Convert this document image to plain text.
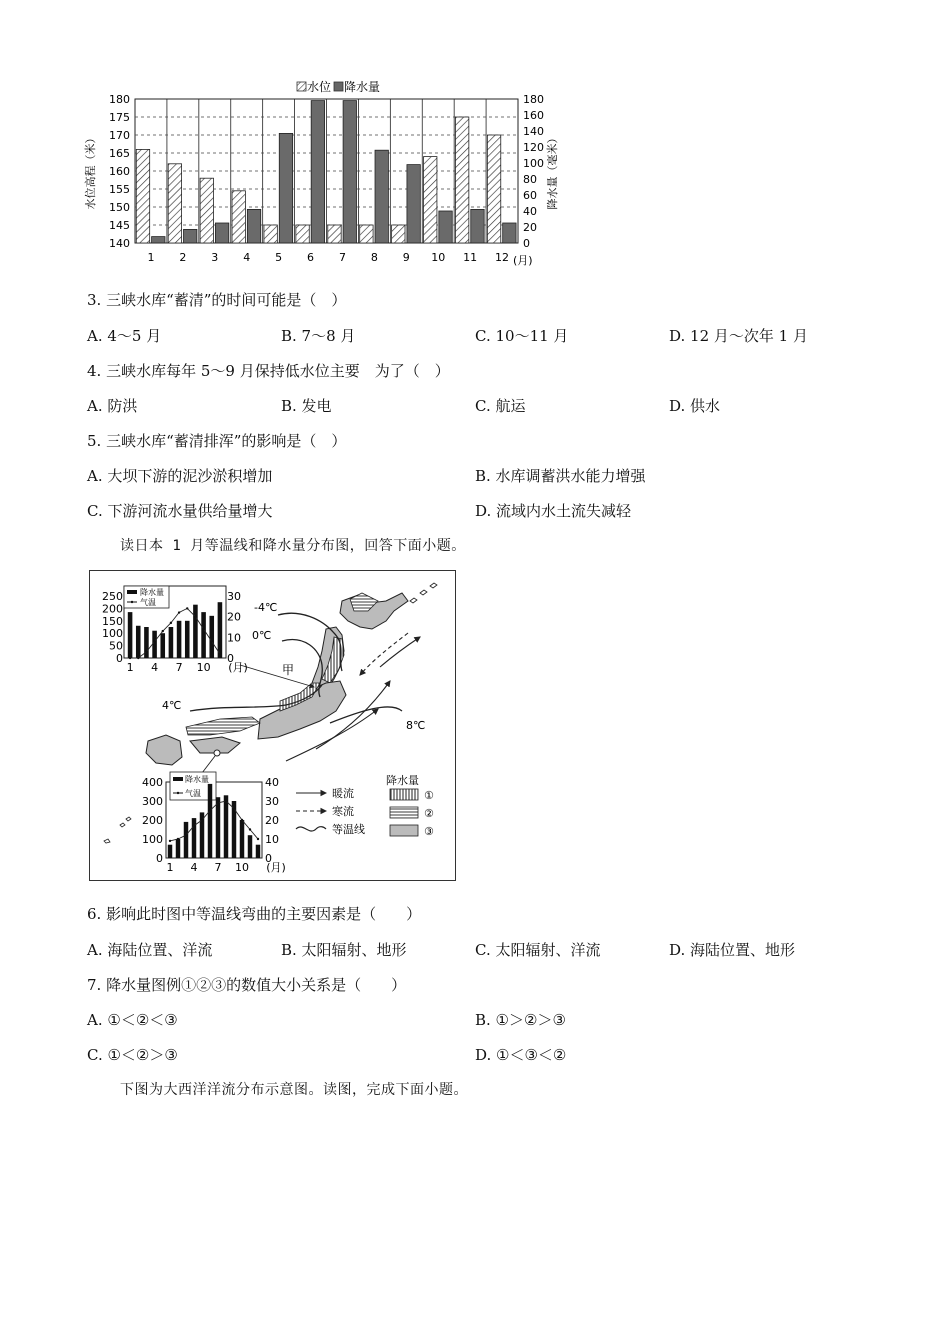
水位 降水量
180
175
170
165
160
155
150
145
140
180
160
140
120
100
80
60
40
20
0
1 2 3 4 5 6 7 8 9 10 11 12 (月)
水位高程（米）	降水量（毫米）
3. 三峡水库“蓄清”的时间可能是（　）
A. 4～5 月	B. 7～8 月	C. 10～11 月	D. 12 月～次年 1 月
4. 三峡水库每年 5～9 月保持低水位主要　为了（　）
A. 防洪	B. 发电	C. 航运	D. 供水
5. 三峡水库“蓄清排浑”的影响是（　）
A. 大坝下游的泥沙淤积增加	B. 水库调蓄洪水能力增强
C. 下游河流水量供给量增大	D. 流域内水土流失减轻
读日本 1 月等温线和降水量分布图，回答下面小题。
-4℃
0℃
4℃
8℃
甲
降水量
气温
250
200
150
100
50
0
30
20
10
0
1 4 7 10 (月)
降水量
气温
400
300
200
100
0
40
30
20
10
0
1 4 7 10 (月)
暖流
寒流
等温线
降水量
①
②
③
6. 影响此时图中等温线弯曲的主要因素是（　　）
A. 海陆位置、洋流	B. 太阳辐射、地形	C. 太阳辐射、洋流	D. 海陆位置、地形
7. 降水量图例①②③的数值大小关系是（　　）
A. ①＜②＜③	B. ①＞②＞③
C. ①＜②＞③	D. ①＜③＜②
下图为大西洋洋流分布示意图。读图，完成下面小题。
